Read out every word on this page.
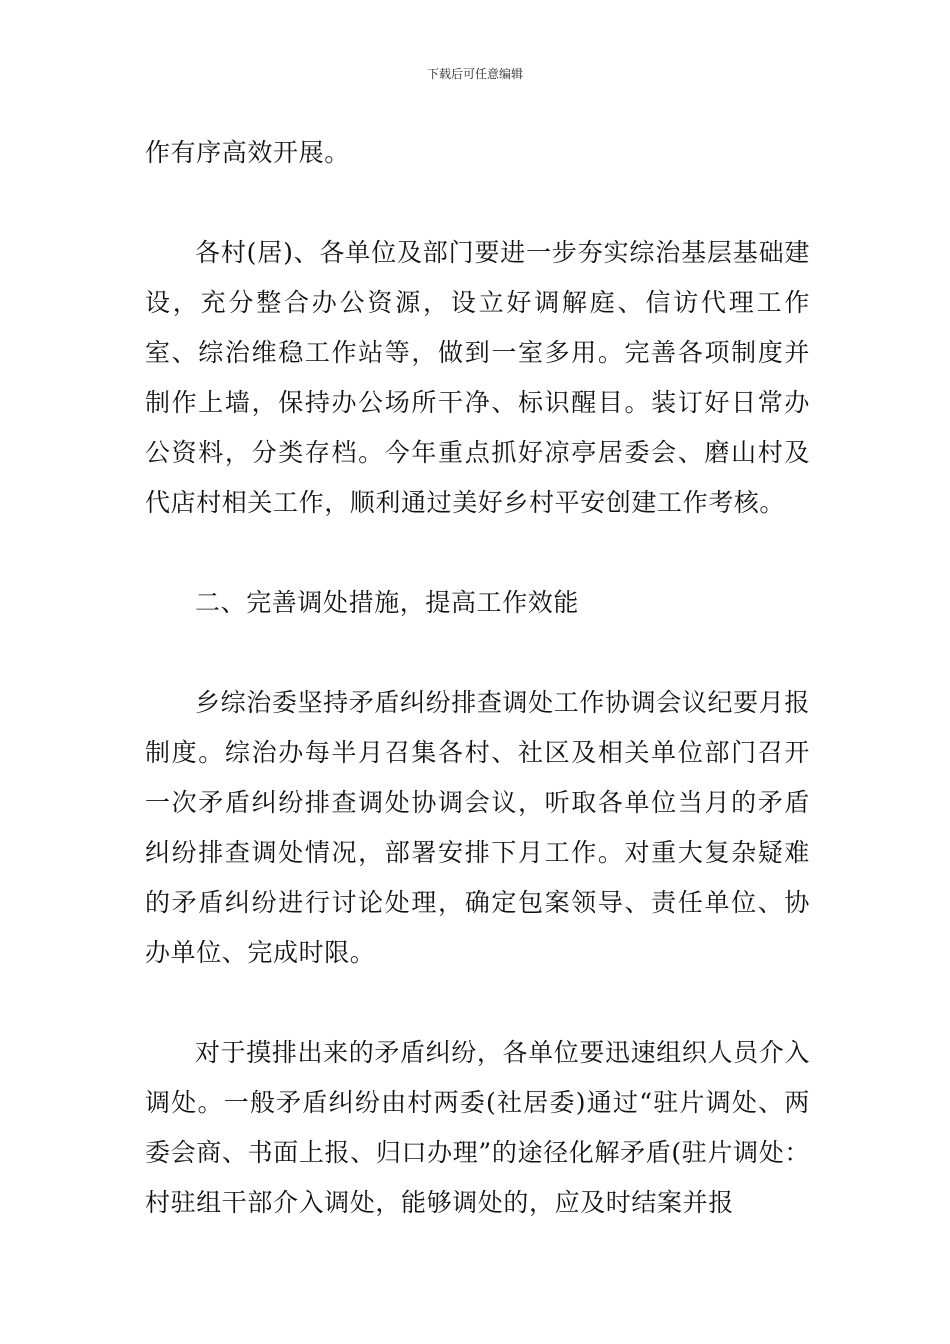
下载后可任意编辑

作有序高效开展。

各村(居)、各单位及部门要进一步夯实综治基层基础建设，充分整合办公资源，设立好调解庭、信访代理工作室、综治维稳工作站等，做到一室多用。完善各项制度并制作上墙，保持办公场所干净、标识醒目。装订好日常办公资料，分类存档。今年重点抓好凉亭居委会、磨山村及代店村相关工作，顺利通过美好乡村平安创建工作考核。

二、完善调处措施，提高工作效能

乡综治委坚持矛盾纠纷排查调处工作协调会议纪要月报制度。综治办每半月召集各村、社区及相关单位部门召开一次矛盾纠纷排查调处协调会议，听取各单位当月的矛盾纠纷排查调处情况，部署安排下月工作。对重大复杂疑难的矛盾纠纷进行讨论处理，确定包案领导、责任单位、协办单位、完成时限。

对于摸排出来的矛盾纠纷，各单位要迅速组织人员介入调处。一般矛盾纠纷由村两委(社居委)通过“驻片调处、两委会商、书面上报、归口办理”的途径化解矛盾(驻片调处：村驻组干部介入调处，能够调处的，应及时结案并报
